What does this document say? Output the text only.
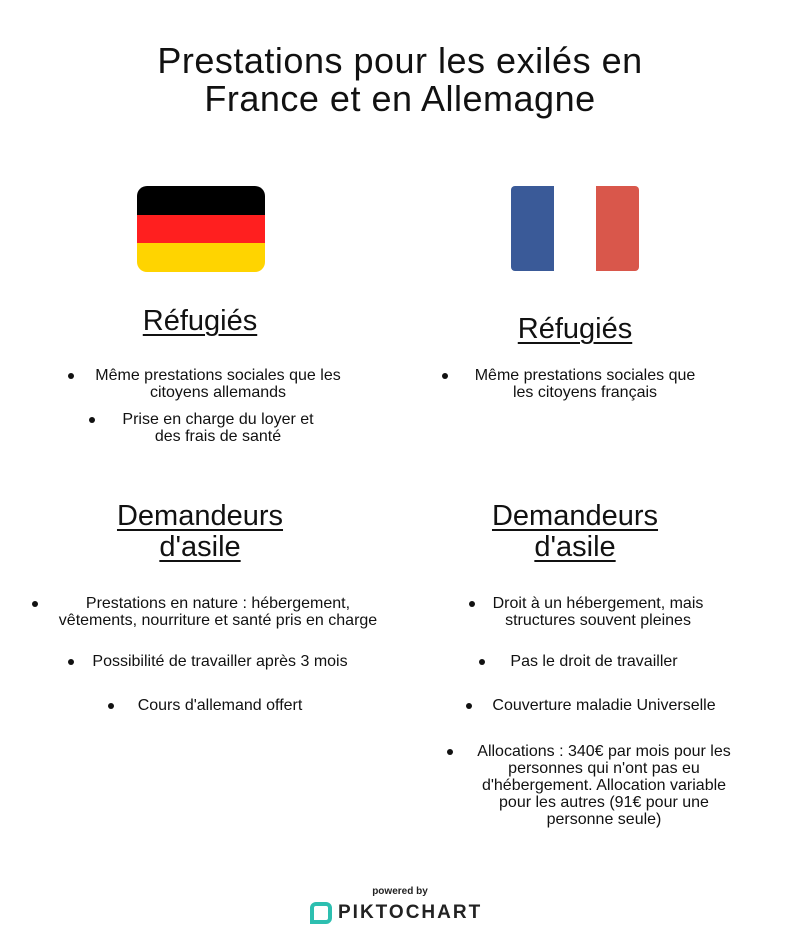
Prestations pour les exilés en
France et en Allemagne
Réfugiés
Même prestations sociales que les
citoyens allemands
Prise en charge du loyer et
des frais de santé
Réfugiés
Même prestations sociales que
les citoyens français
Demandeurs
d'asile
Prestations en nature : hébergement,
vêtements, nourriture et santé pris en charge
Possibilité de travailler après 3 mois
Cours d'allemand offert
Demandeurs
d'asile
Droit à un hébergement, mais
structures souvent pleines
Pas le droit de travailler
Couverture maladie Universelle
Allocations : 340€ par mois pour les
personnes qui n'ont pas eu
d'hébergement. Allocation variable
pour les autres (91€ pour une
personne seule)
powered by
PIKTOCHART
